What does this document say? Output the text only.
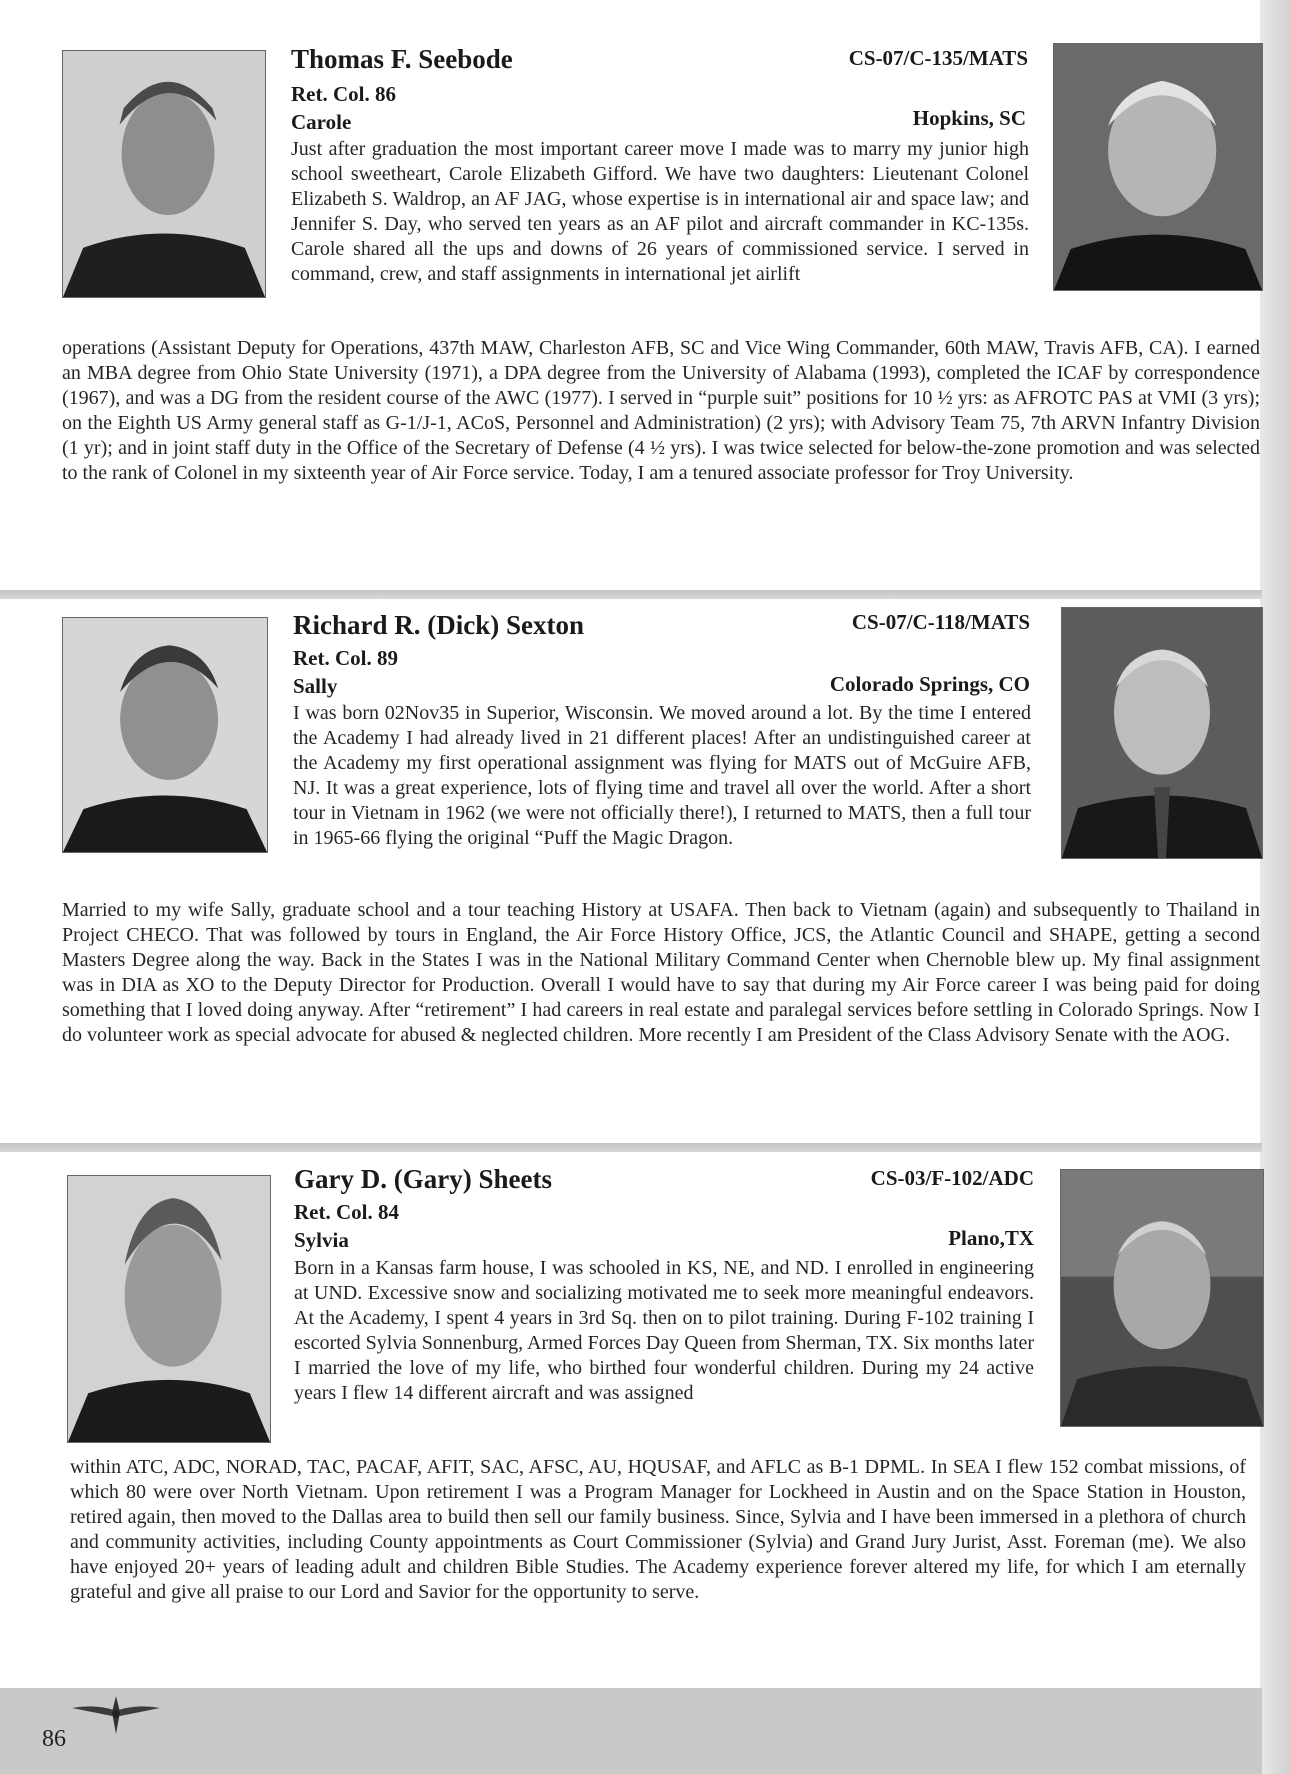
Thomas F. Seebode	CS-07/C-135/MATS
Ret. Col. 86
Carole	Hopkins, SC
Just after graduation the most important career move I made was to marry my junior high school sweetheart, Carole Elizabeth Gifford. We have two daughters: Lieutenant Colonel Elizabeth S. Waldrop, an AF JAG, whose expertise is in international air and space law; and Jennifer S. Day, who served ten years as an AF pilot and aircraft commander in KC-135s. Carole shared all the ups and downs of 26 years of commissioned service. I served in command, crew, and staff assignments in international jet airlift
operations (Assistant Deputy for Operations, 437th MAW, Charleston AFB, SC and Vice Wing Commander, 60th MAW, Travis AFB, CA). I earned an MBA degree from Ohio State University (1971), a DPA degree from the University of Alabama (1993), completed the ICAF by correspondence (1967), and was a DG from the resident course of the AWC (1977). I served in “purple suit” positions for 10 ½ yrs: as AFROTC PAS at VMI (3 yrs); on the Eighth US Army general staff as G-1/J-1, ACoS, Personnel and Administration) (2 yrs); with Advisory Team 75, 7th ARVN Infantry Division (1 yr); and in joint staff duty in the Office of the Secretary of Defense (4 ½ yrs). I was twice selected for below-the-zone promotion and was selected to the rank of Colonel in my sixteenth year of Air Force service. Today, I am a tenured associate professor for Troy University.
Richard R. (Dick) Sexton	CS-07/C-118/MATS
Ret. Col. 89
Sally	Colorado Springs, CO
I was born 02Nov35 in Superior, Wisconsin. We moved around a lot. By the time I entered the Academy I had already lived in 21 different places! After an undistinguished career at the Academy my first operational assignment was flying for MATS out of McGuire AFB, NJ. It was a great experience, lots of flying time and travel all over the world. After a short tour in Vietnam in 1962 (we were not officially there!), I returned to MATS, then a full tour in 1965-66 flying the original “Puff the Magic Dragon.
Married to my wife Sally, graduate school and a tour teaching History at USAFA. Then back to Vietnam (again) and subsequently to Thailand in Project CHECO. That was followed by tours in England, the Air Force History Office, JCS, the Atlantic Council and SHAPE, getting a second Masters Degree along the way. Back in the States I was in the National Military Command Center when Chernoble blew up. My final assignment was in DIA as XO to the Deputy Director for Production. Overall I would have to say that during my Air Force career I was being paid for doing something that I loved doing anyway. After “retirement” I had careers in real estate and paralegal services before settling in Colorado Springs. Now I do volunteer work as special advocate for abused & neglected children. More recently I am President of the Class Advisory Senate with the AOG.
Gary D. (Gary) Sheets	CS-03/F-102/ADC
Ret. Col. 84
Sylvia	Plano,TX
Born in a Kansas farm house, I was schooled in KS, NE, and ND. I enrolled in engineering at UND. Excessive snow and socializing motivated me to seek more meaningful endeavors. At the Academy, I spent 4 years in 3rd Sq. then on to pilot training. During F-102 training I escorted Sylvia Sonnenburg, Armed Forces Day Queen from Sherman, TX. Six months later I married the love of my life, who birthed four wonderful children. During my 24 active years I flew 14 different aircraft and was assigned
within ATC, ADC, NORAD, TAC, PACAF, AFIT, SAC, AFSC, AU, HQUSAF, and AFLC as B-1 DPML. In SEA I flew 152 combat missions, of which 80 were over North Vietnam. Upon retirement I was a Program Manager for Lockheed in Austin and on the Space Station in Houston, retired again, then moved to the Dallas area to build then sell our family business. Since, Sylvia and I have been immersed in a plethora of church and community activities, including County appointments as Court Commissioner (Sylvia) and Grand Jury Jurist, Asst. Foreman (me). We also have enjoyed 20+ years of leading adult and children Bible Studies. The Academy experience forever altered my life, for which I am eternally grateful and give all praise to our Lord and Savior for the opportunity to serve.
86
